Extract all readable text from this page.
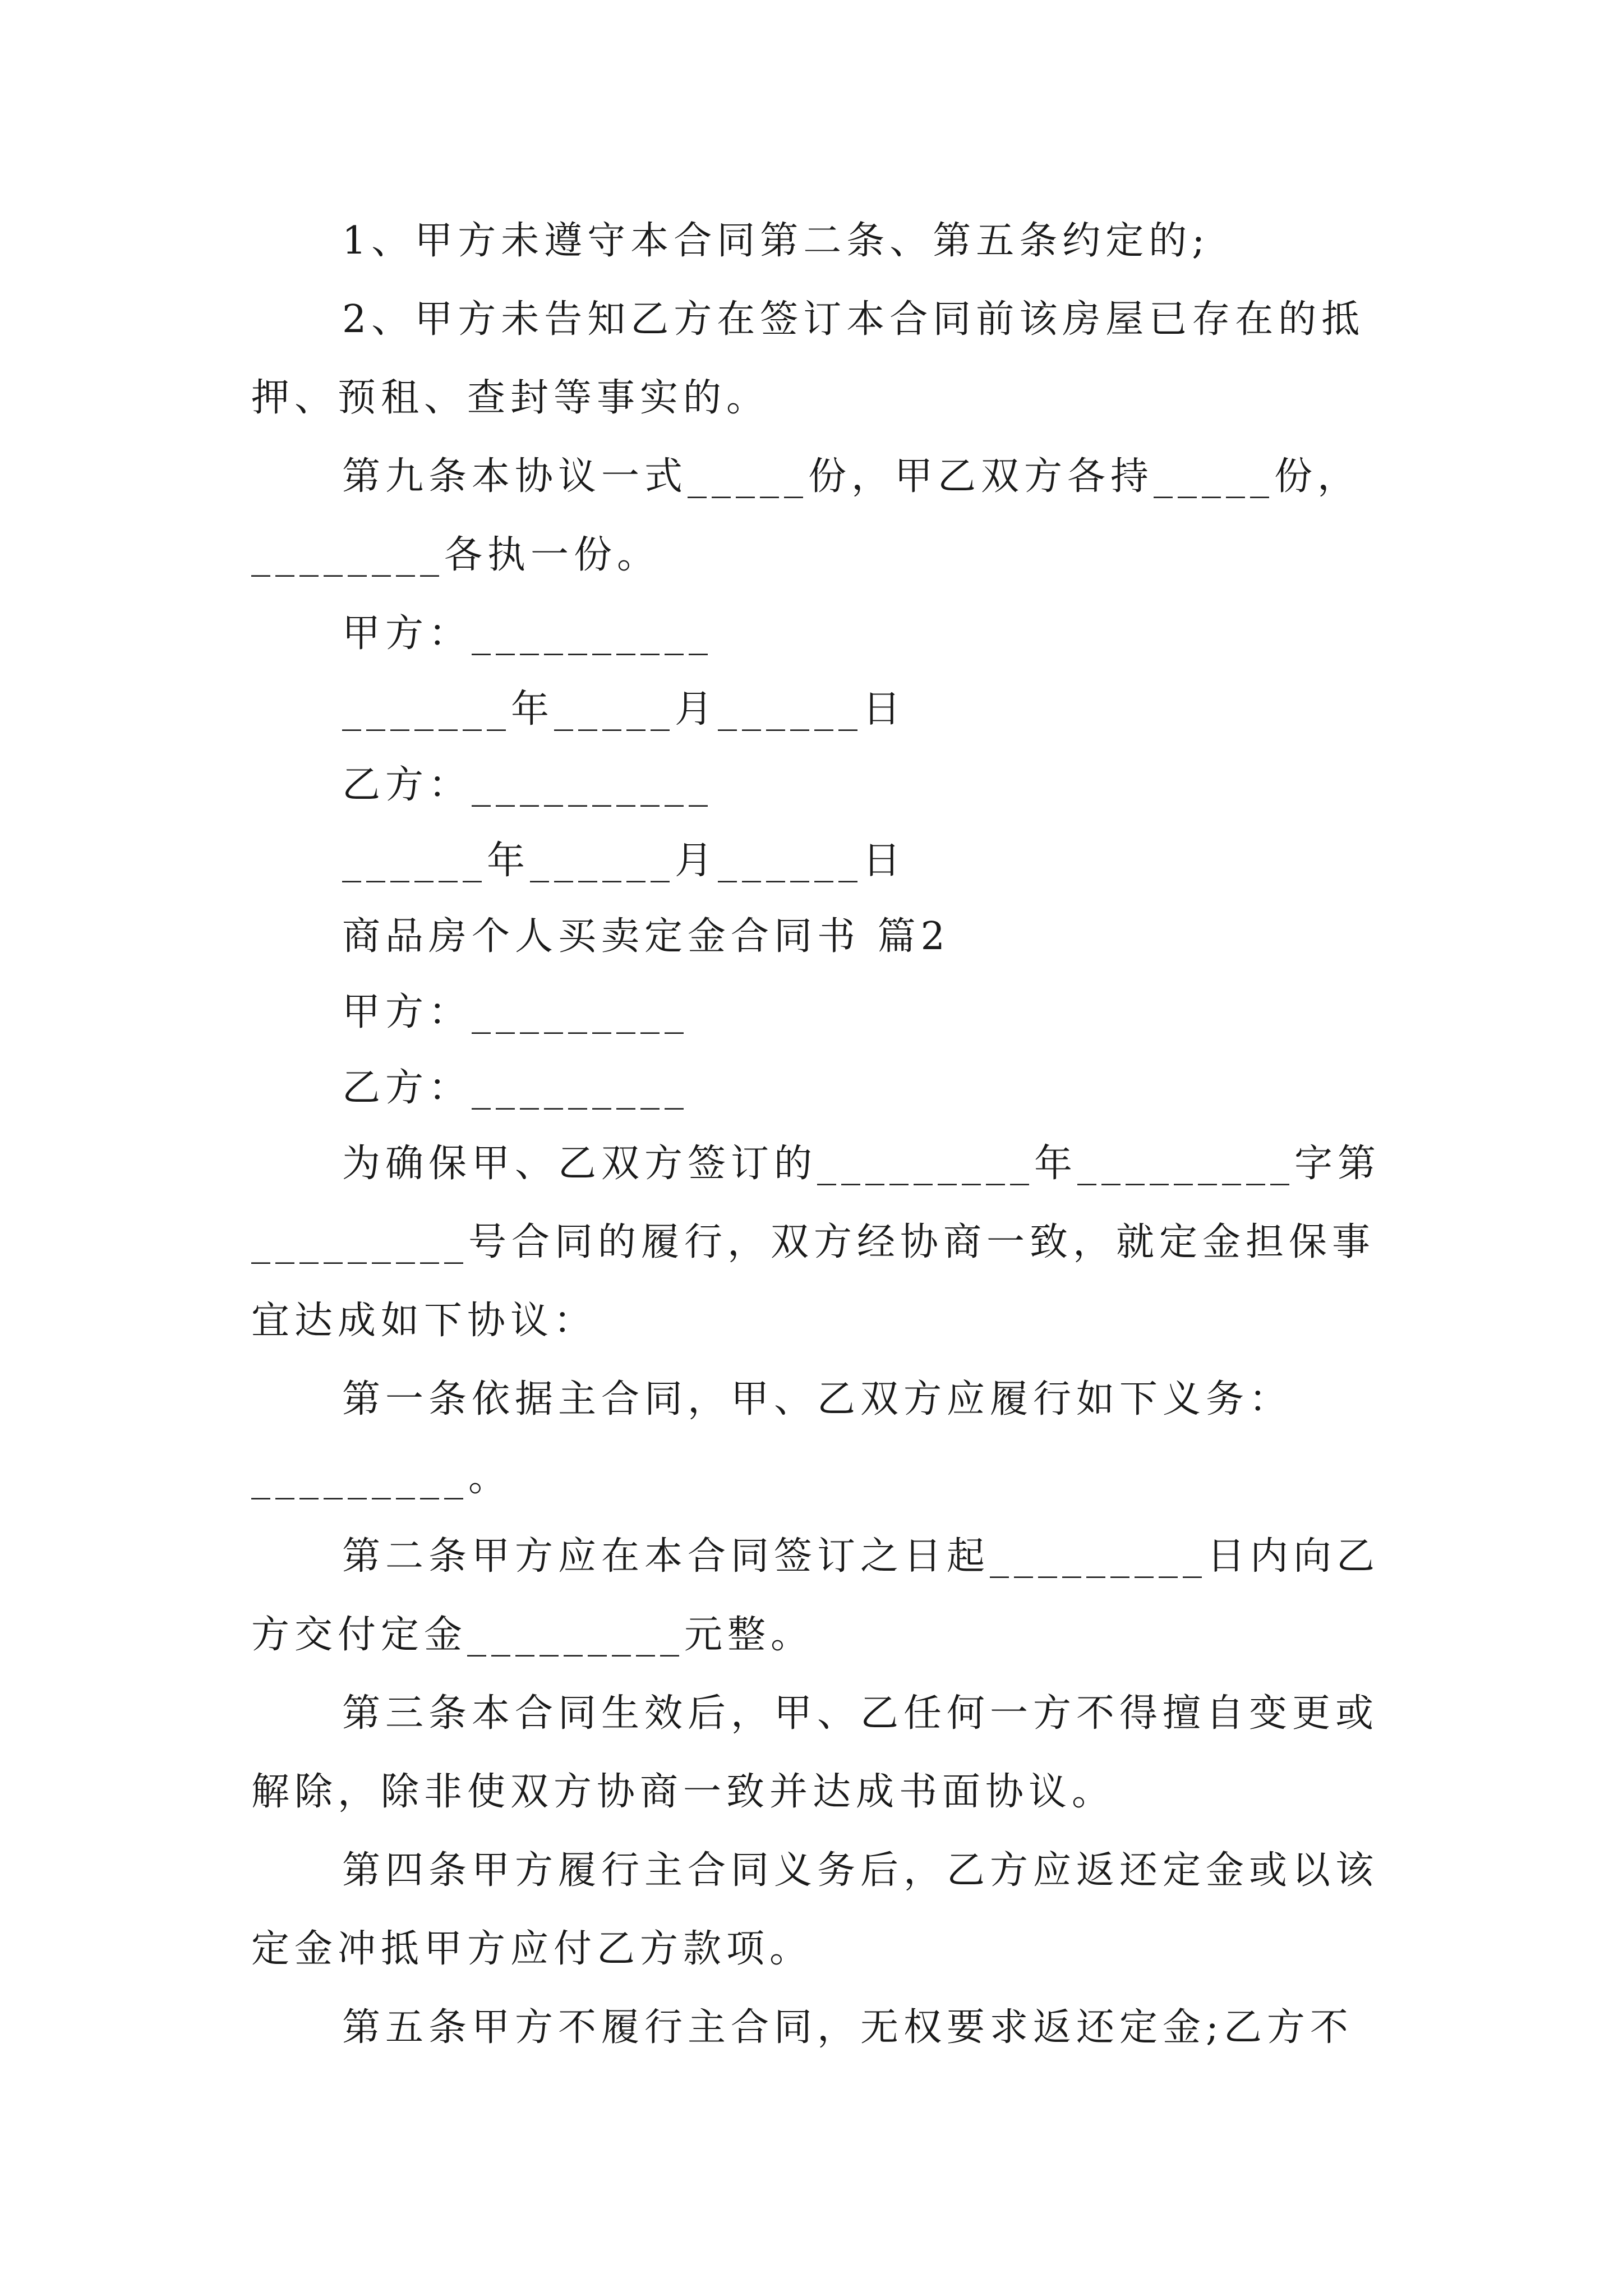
1、甲方未遵守本合同第二条、第五条约定的;
2、甲方未告知乙方在签订本合同前该房屋已存在的抵
押、预租、查封等事实的。
第九条本协议一式_____份，甲乙双方各持_____份，
________各执一份。
甲方：__________
_______年_____月______日
乙方：__________
______年______月______日
商品房个人买卖定金合同书 篇2
甲方：_________
乙方：_________
为确保甲、乙双方签订的_________年_________字第
_________号合同的履行，双方经协商一致，就定金担保事
宜达成如下协议：
第一条依据主合同，甲、乙双方应履行如下义务：
_________。
第二条甲方应在本合同签订之日起_________日内向乙
方交付定金_________元整。
第三条本合同生效后，甲、乙任何一方不得擅自变更或
解除，除非使双方协商一致并达成书面协议。
第四条甲方履行主合同义务后，乙方应返还定金或以该
定金冲抵甲方应付乙方款项。
第五条甲方不履行主合同，无权要求返还定金;乙方不
